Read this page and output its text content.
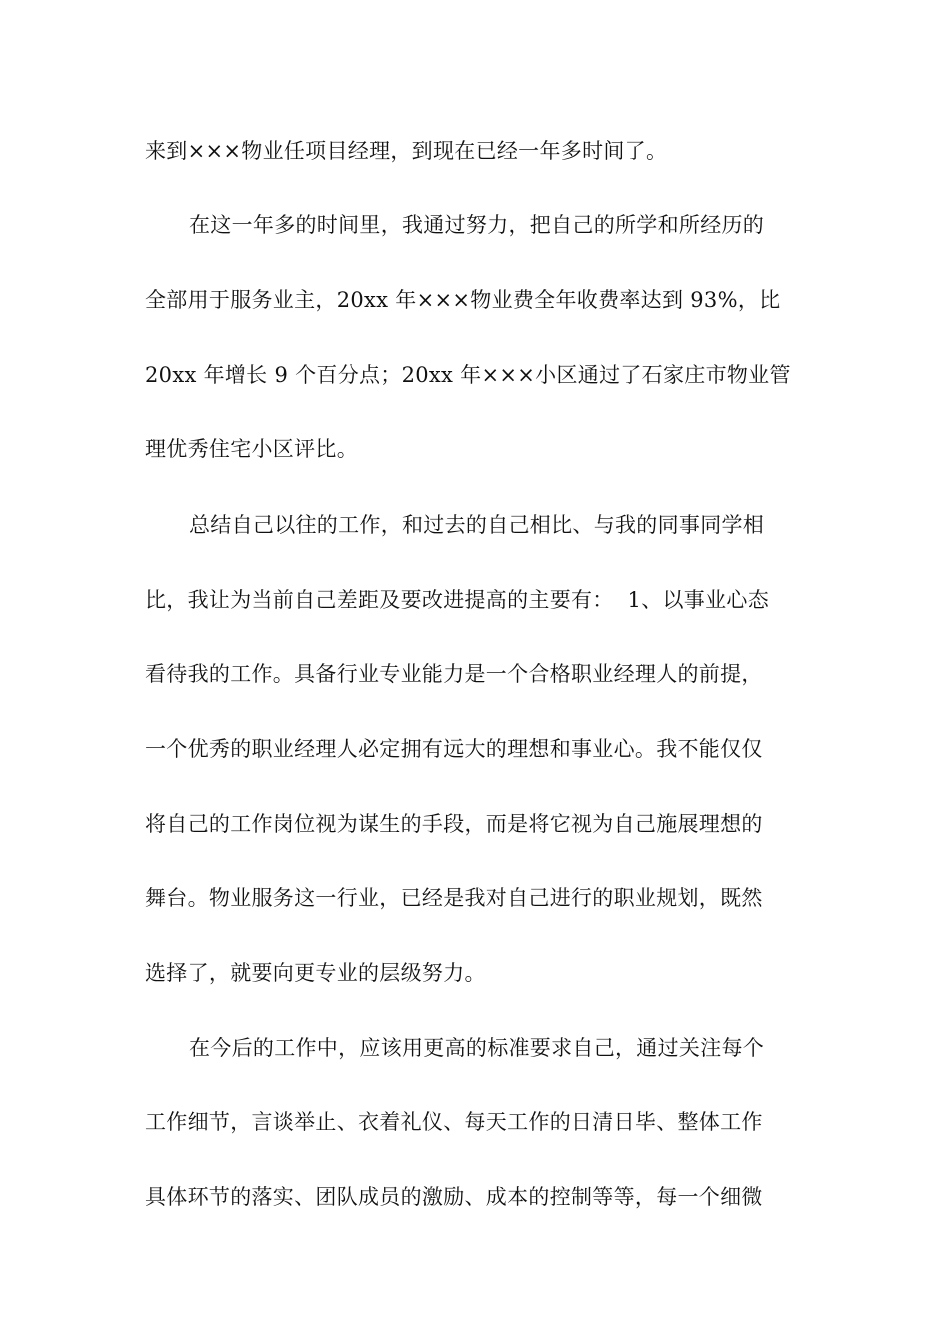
来到×××物业任项目经理，到现在已经一年多时间了。
在这一年多的时间里，我通过努力，把自己的所学和所经历的
全部用于服务业主，20xx 年×××物业费全年收费率达到 93%，比
20xx 年增长 9 个百分点；20xx 年×××小区通过了石家庄市物业管
理优秀住宅小区评比。
总结自己以往的工作，和过去的自己相比、与我的同事同学相
比，我让为当前自己差距及要改进提高的主要有：  1、以事业心态
看待我的工作。具备行业专业能力是一个合格职业经理人的前提，
一个优秀的职业经理人必定拥有远大的理想和事业心。我不能仅仅
将自己的工作岗位视为谋生的手段，而是将它视为自己施展理想的
舞台。物业服务这一行业，已经是我对自己进行的职业规划，既然
选择了，就要向更专业的层级努力。
在今后的工作中，应该用更高的标准要求自己，通过关注每个
工作细节，言谈举止、衣着礼仪、每天工作的日清日毕、整体工作
具体环节的落实、团队成员的激励、成本的控制等等，每一个细微
